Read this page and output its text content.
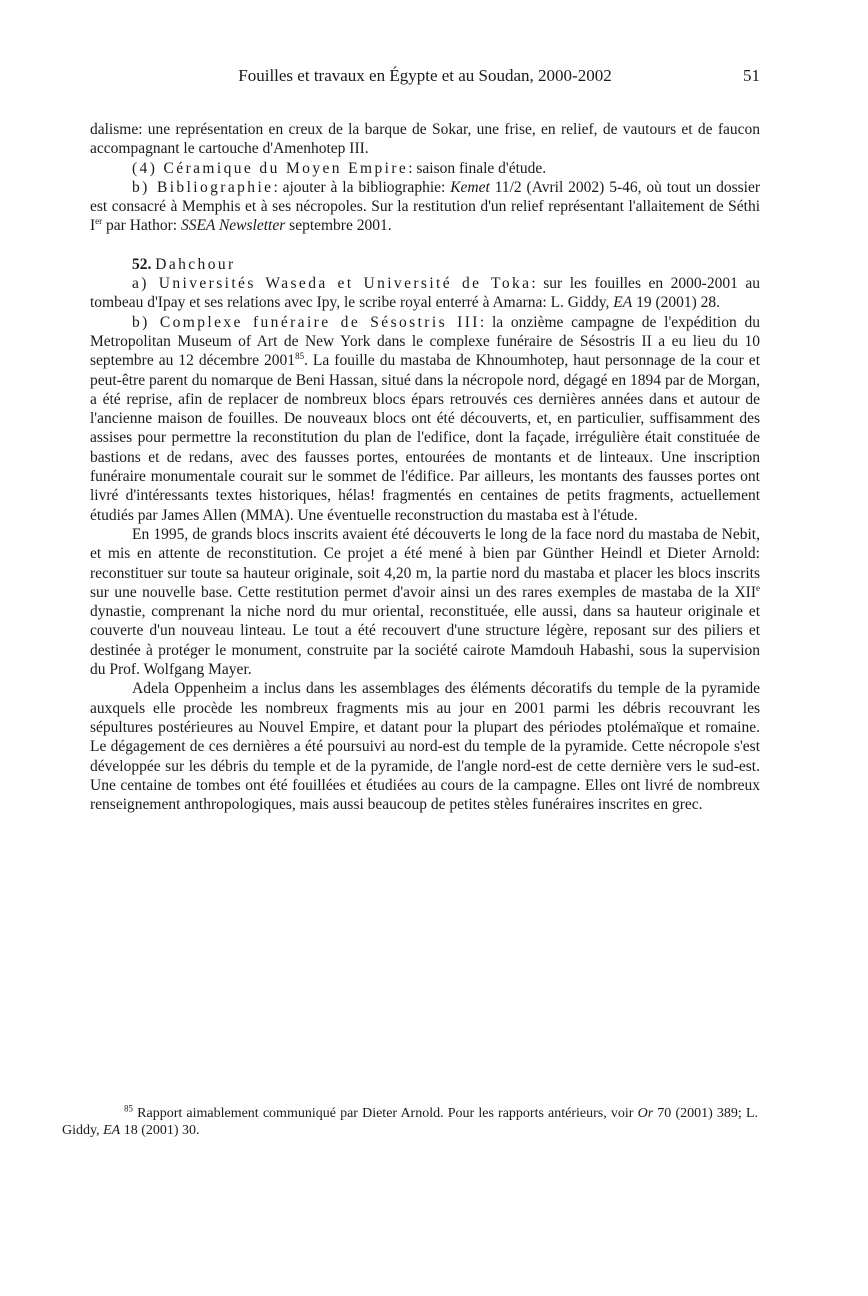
Fouilles et travaux en Égypte et au Soudan, 2000-2002	51

dalisme: une représentation en creux de la barque de Sokar, une frise, en relief, de vautours et de faucon accompagnant le cartouche d'Amenhotep III.

(4) Céramique du Moyen Empire: saison finale d'étude.

b) Bibliographie: ajouter à la bibliographie: Kemet 11/2 (Avril 2002) 5-46, où tout un dossier est consacré à Memphis et à ses nécropoles. Sur la restitution d'un relief représentant l'allaitement de Séthi Ier par Hathor: SSEA Newsletter septembre 2001.

52. Dahchour

a) Universités Waseda et Université de Toka: sur les fouilles en 2000-2001 au tombeau d'Ipay et ses relations avec Ipy, le scribe royal enterré à Amarna: L. Giddy, EA 19 (2001) 28.

b) Complexe funéraire de Sésostris III: la onzième campagne de l'expédition du Metropolitan Museum of Art de New York dans le complexe funéraire de Sésostris II a eu lieu du 10 septembre au 12 décembre 2001$^{85}$. La fouille du mastaba de Khnoumhotep, haut personnage de la cour et peut-être parent du nomarque de Beni Hassan, situé dans la nécropole nord, dégagé en 1894 par de Morgan, a été reprise, afin de replacer de nombreux blocs épars retrouvés ces dernières années dans et autour de l'ancienne maison de fouilles. De nouveaux blocs ont été découverts, et, en particulier, suffisamment des assises pour permettre la reconstitution du plan de l'edifice, dont la façade, irrégulière était constituée de bastions et de redans, avec des fausses portes, entourées de montants et de linteaux. Une inscription funéraire monumentale courait sur le sommet de l'édifice. Par ailleurs, les montants des fausses portes ont livré d'intéressants textes historiques, hélas! fragmentés en centaines de petits fragments, actuellement étudiés par James Allen (MMA). Une éventuelle reconstruction du mastaba est à l'étude.

En 1995, de grands blocs inscrits avaient été découverts le long de la face nord du mastaba de Nebit, et mis en attente de reconstitution. Ce projet a été mené à bien par Günther Heindl et Dieter Arnold: reconstituer sur toute sa hauteur originale, soit 4,20 m, la partie nord du mastaba et placer les blocs inscrits sur une nouvelle base. Cette restitution permet d'avoir ainsi un des rares exemples de mastaba de la XIIe dynastie, comprenant la niche nord du mur oriental, reconstituée, elle aussi, dans sa hauteur originale et couverte d'un nouveau linteau. Le tout a été recouvert d'une structure légère, reposant sur des piliers et destinée à protéger le monument, construite par la société cairote Mamdouh Habashi, sous la supervision du Prof. Wolfgang Mayer.

Adela Oppenheim a inclus dans les assemblages des éléments décoratifs du temple de la pyramide auxquels elle procède les nombreux fragments mis au jour en 2001 parmi les débris recouvrant les sépultures postérieures au Nouvel Empire, et datant pour la plupart des périodes ptolémaïque et romaine. Le dégagement de ces dernières a été poursuivi au nord-est du temple de la pyramide. Cette nécropole s'est développée sur les débris du temple et de la pyramide, de l'angle nord-est de cette dernière vers le sud-est. Une centaine de tombes ont été fouillées et étudiées au cours de la campagne. Elles ont livré de nombreux renseignement anthropologiques, mais aussi beaucoup de petites stèles funéraires inscrites en grec.

$^{85}$ Rapport aimablement communiqué par Dieter Arnold. Pour les rapports antérieurs, voir Or 70 (2001) 389; L. Giddy, EA 18 (2001) 30.
